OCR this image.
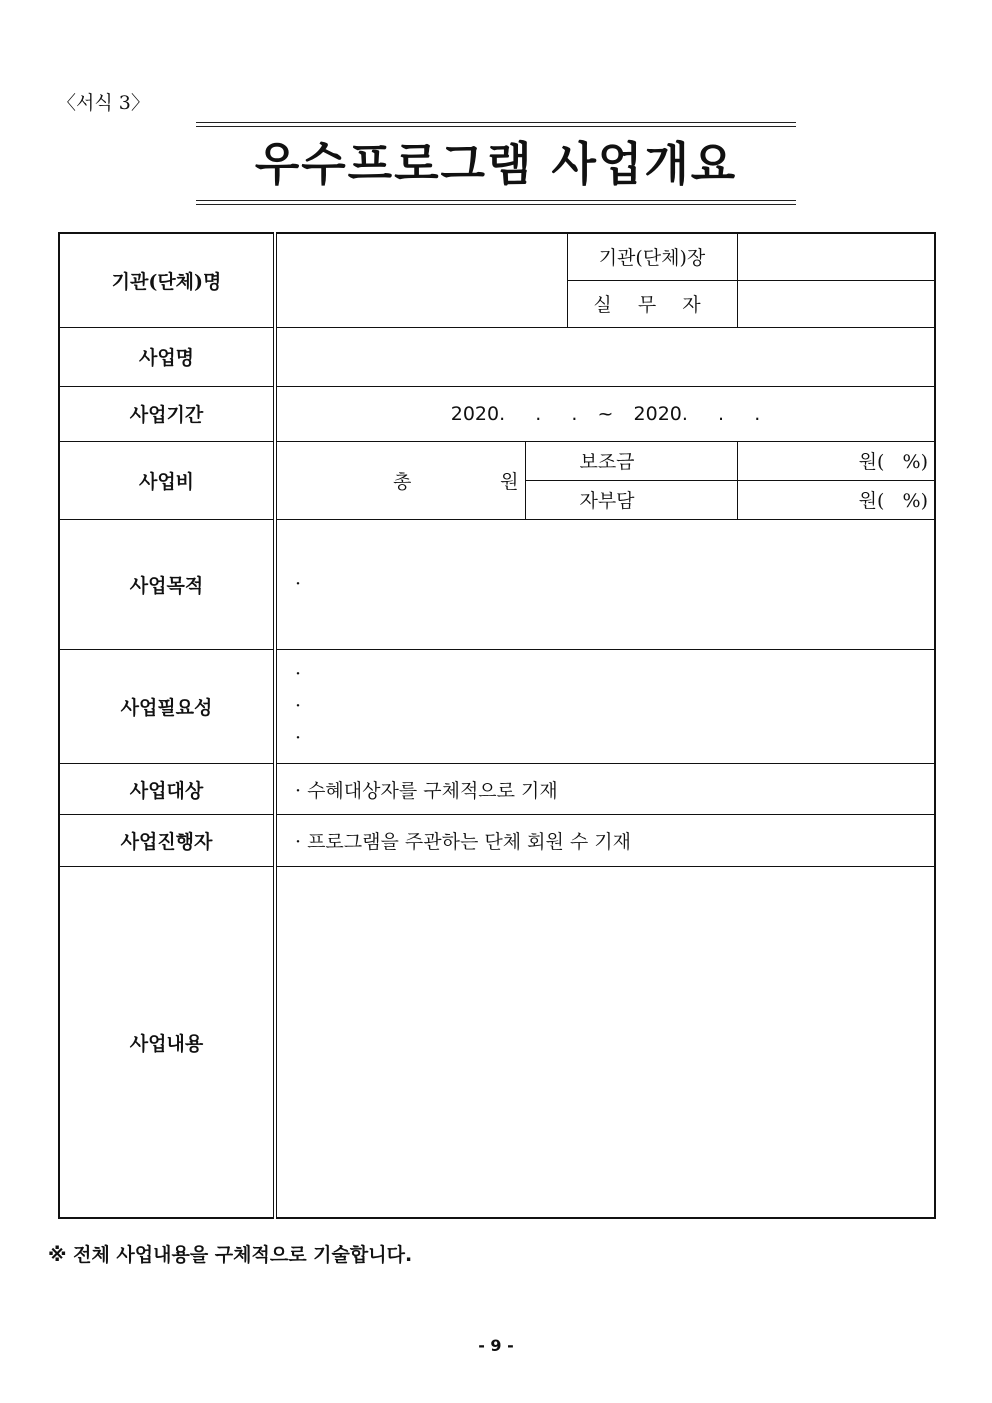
〈서식 3〉
우수프로그램 사업개요
기관(단체)명			기관(단체)장	
			실 무 자	
사업명				
사업기간	2020.   .   .  ~  2020.   .   .			
사업비	총 원	보조금		원(   %)
		자부담		원(   %)
사업목적	·			

사업필요성	·
·
·			

사업대상	· 수혜대상자를 구체적으로 기재			
사업진행자	· 프로그램을 주관하는 단체 회원 수 기재			
사업내용				
※ 전체 사업내용을 구체적으로 기술합니다.
- 9 -
